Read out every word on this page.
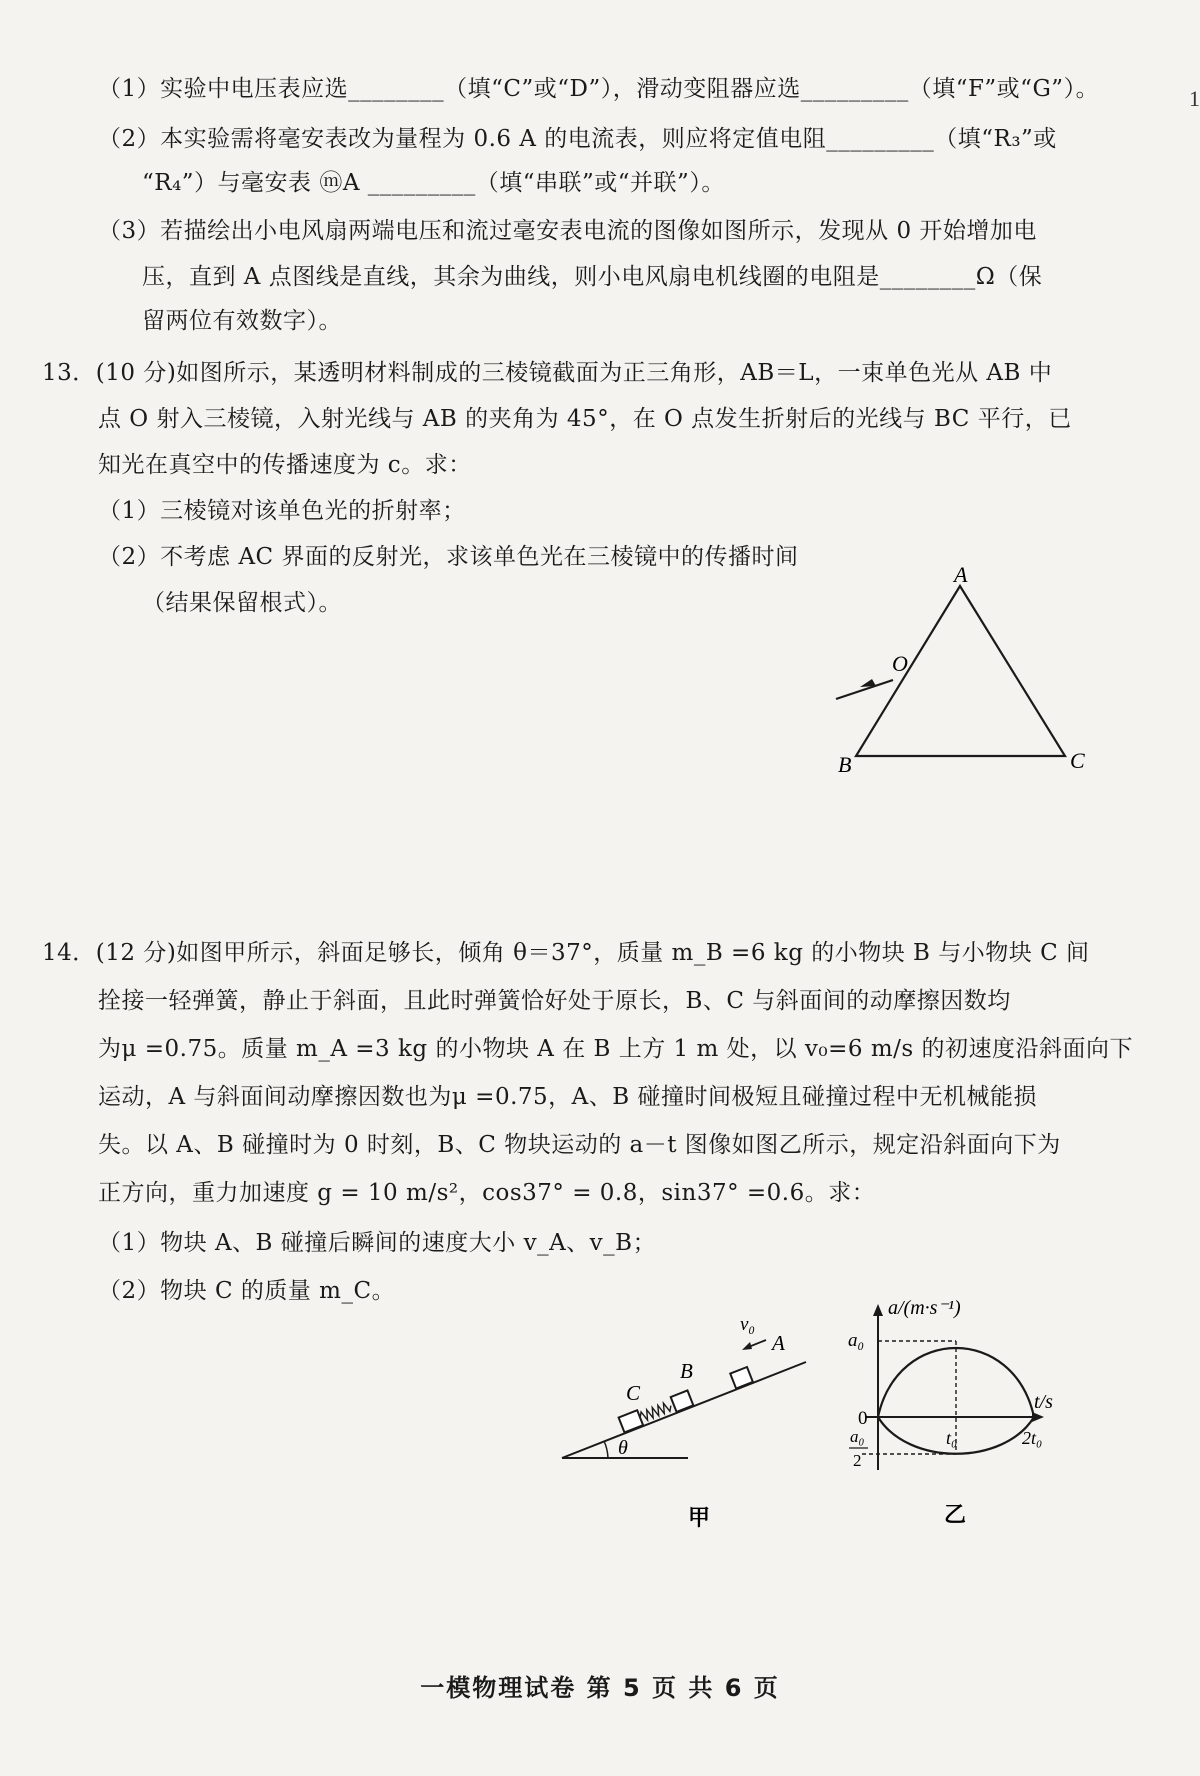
1
（1）实验中电压表应选________（填“C”或“D”），滑动变阻器应选_________（填“F”或“G”）。
（2）本实验需将毫安表改为量程为 0.6 A 的电流表，则应将定值电阻_________（填“R₃”或
“R₄”）与毫安表 ⓜA _________（填“串联”或“并联”）。
（3）若描绘出小电风扇两端电压和流过毫安表电流的图像如图所示，发现从 0 开始增加电
压，直到 A 点图线是直线，其余为曲线，则小电风扇电机线圈的电阻是________Ω（保
留两位有效数字）。
13．(10 分)如图所示，某透明材料制成的三棱镜截面为正三角形，AB＝L，一束单色光从 AB 中
点 O 射入三棱镜，入射光线与 AB 的夹角为 45°，在 O 点发生折射后的光线与 BC 平行，已
知光在真空中的传播速度为 c。求：
（1）三棱镜对该单色光的折射率；
（2）不考虑 AC 界面的反射光，求该单色光在三棱镜中的传播时间
（结果保留根式）。
A
O
B	C
14．(12 分)如图甲所示，斜面足够长，倾角 θ＝37°，质量 m_B =6 kg 的小物块 B 与小物块 C 间
拴接一轻弹簧，静止于斜面，且此时弹簧恰好处于原长，B、C 与斜面间的动摩擦因数均
为μ =0.75。质量 m_A =3 kg 的小物块 A 在 B 上方 1 m 处，以 v₀=6 m/s 的初速度沿斜面向下
运动，A 与斜面间动摩擦因数也为μ =0.75，A、B 碰撞时间极短且碰撞过程中无机械能损
失。以 A、B 碰撞时为 0 时刻，B、C 物块运动的 a－t 图像如图乙所示，规定沿斜面向下为
正方向，重力加速度 g = 10 m/s²，cos37° = 0.8，sin37° =0.6。求：
（1）物块 A、B 碰撞后瞬间的速度大小 v_A、v_B；
（2）物块 C 的质量 m_C。
θ
C
B
A
v₀
甲
a/(m·s⁻¹)
t/s
0
a₀
a₀
2
t₀	2t₀
乙
一模物理试卷 第 5 页 共 6 页
